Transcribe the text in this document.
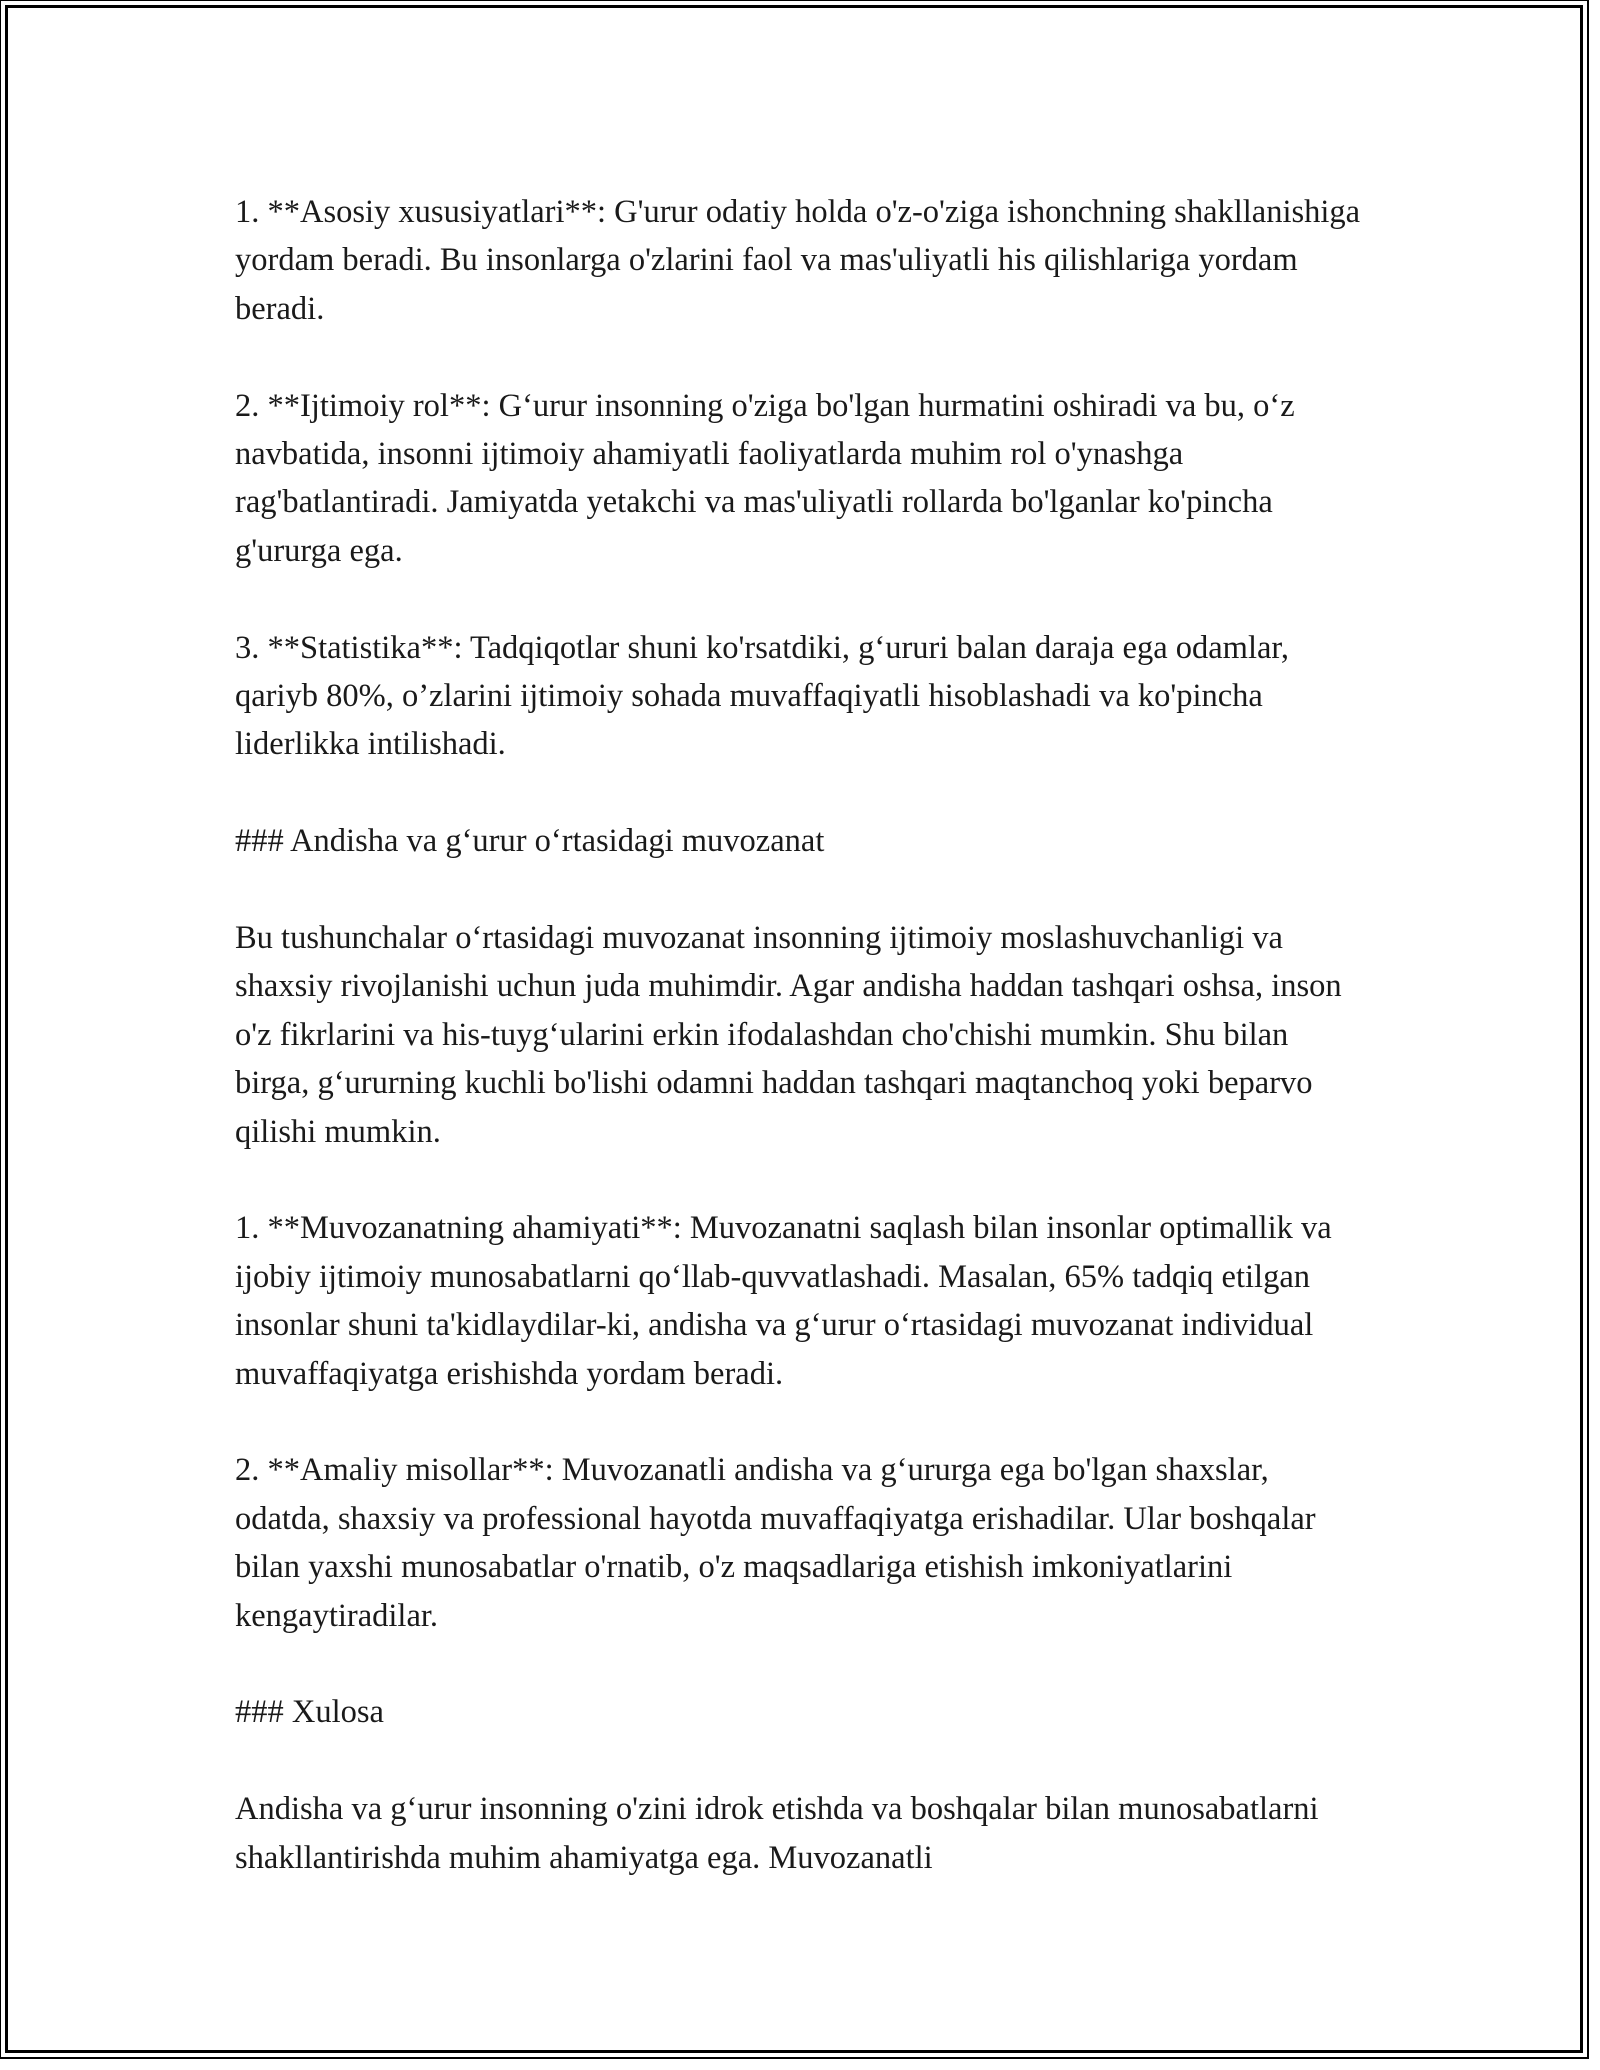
1. **Asosiy xususiyatlari**: G'urur odatiy holda o'z-o'ziga ishonchning shakllanishiga yordam beradi. Bu insonlarga o'zlarini faol va mas'uliyatli his qilishlariga yordam beradi.

2. **Ijtimoiy rol**: G‘urur insonning o'ziga bo'lgan hurmatini oshiradi va bu, o‘z navbatida, insonni ijtimoiy ahamiyatli faoliyatlarda muhim rol o'ynashga rag'batlantiradi. Jamiyatda yetakchi va mas'uliyatli rollarda bo'lganlar ko'pincha g'ururga ega.

3. **Statistika**: Tadqiqotlar shuni ko'rsatdiki, g‘ururi balan daraja ega odamlar, qariyb 80%, o’zlarini ijtimoiy sohada muvaffaqiyatli hisoblashadi va ko'pincha liderlikka intilishadi.

### Andisha va g‘urur o‘rtasidagi muvozanat

Bu tushunchalar o‘rtasidagi muvozanat insonning ijtimoiy moslashuvchanligi va shaxsiy rivojlanishi uchun juda muhimdir. Agar andisha haddan tashqari oshsa, inson o'z fikrlarini va his-tuyg‘ularini erkin ifodalashdan cho'chishi mumkin. Shu bilan birga, g‘ururning kuchli bo'lishi odamni haddan tashqari maqtanchoq yoki beparvo qilishi mumkin.

1. **Muvozanatning ahamiyati**: Muvozanatni saqlash bilan insonlar optimallik va ijobiy ijtimoiy munosabatlarni qo‘llab-quvvatlashadi. Masalan, 65% tadqiq etilgan insonlar shuni ta'kidlaydilar-ki, andisha va g‘urur o‘rtasidagi muvozanat individual muvaffaqiyatga erishishda yordam beradi.

2. **Amaliy misollar**: Muvozanatli andisha va g‘ururga ega bo'lgan shaxslar, odatda, shaxsiy va professional hayotda muvaffaqiyatga erishadilar. Ular boshqalar bilan yaxshi munosabatlar o'rnatib, o'z maqsadlariga etishish imkoniyatlarini kengaytiradilar.

### Xulosa

Andisha va g‘urur insonning o'zini idrok etishda va boshqalar bilan munosabatlarni shakllantirishda muhim ahamiyatga ega. Muvozanatli
